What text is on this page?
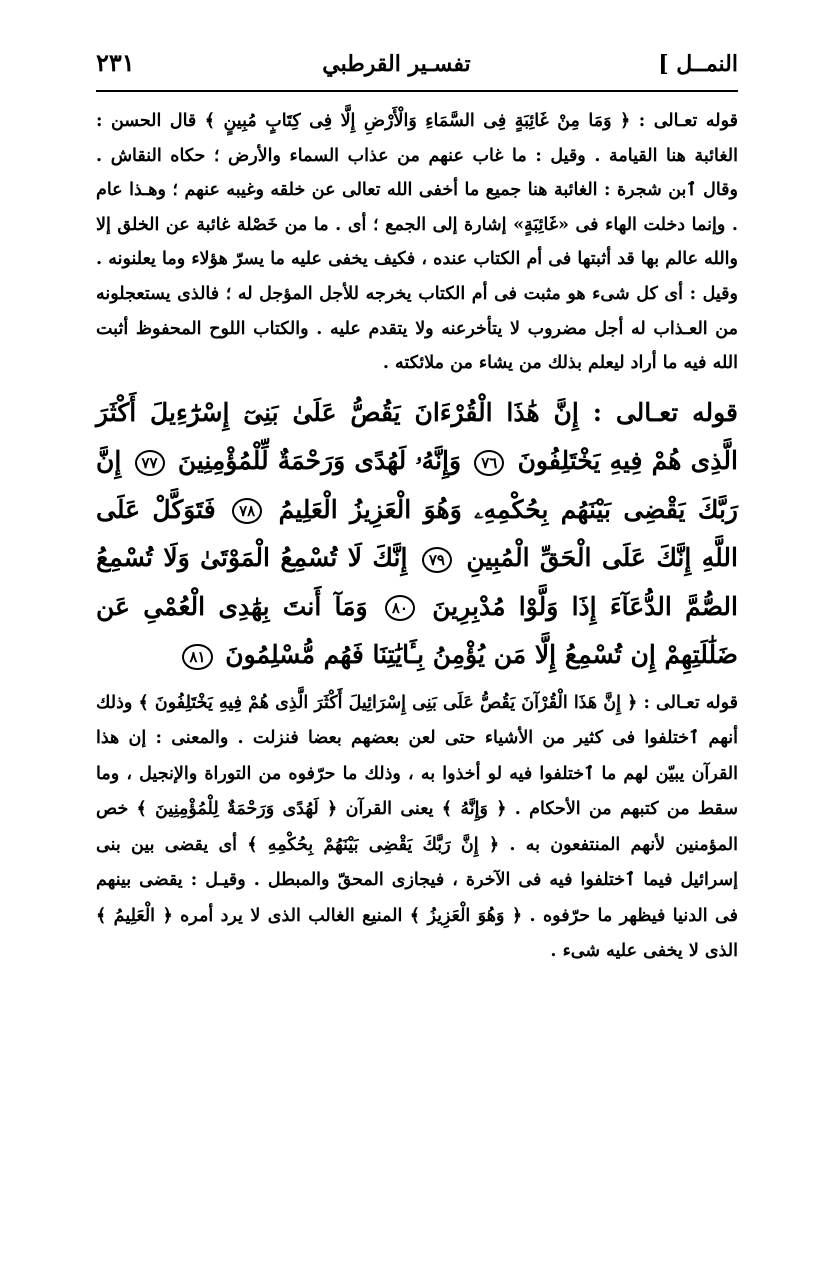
النمــل ]
تفسـير القرطبي
٢٣١
قوله تعـالى : ﴿ وَمَا مِنْ غَائِبَةٍ فِى السَّمَاءِ وَالْأَرْضِ إِلَّا فِى كِتَابٍ مُبِينٍ ﴾ قال الحسن : الغائبة هنا القيامة . وقيل : ما غاب عنهم من عذاب السماء والأرض ؛ حكاه النقاش . وقال ٱبن شجرة : الغائبة هنا جميع ما أخفى الله تعالى عن خلقه وغيبه عنهم ؛ وهـذا عام . وإنما دخلت الهاء فى «غَائِبَةٍ» إشارة إلى الجمع ؛ أى . ما من خَصْلة غائبة عن الخلق إلا والله عالم بها قد أثبتها فى أم الكتاب عنده ، فكيف يخفى عليه ما يسرّ هؤلاء وما يعلنونه . وقيل : أى كل شىء هو مثبت فى أم الكتاب يخرجه للأجل المؤجل له ؛ فالذى يستعجلونه من العـذاب له أجل مضروب لا يتأخرعنه ولا يتقدم عليه . والكتاب اللوح المحفوظ أثبت الله فيه ما أراد ليعلم بذلك من يشاء من ملائكته .
قوله تعـالى : إِنَّ هَٰذَا الْقُرْءَانَ يَقُصُّ عَلَىٰ بَنِىٓ إِسْرَٰٓءِيلَ أَكْثَرَ الَّذِى هُمْ فِيهِ يَخْتَلِفُونَ ٧٦ وَإِنَّهُۥ لَهُدًى وَرَحْمَةٌ لِّلْمُؤْمِنِينَ ٧٧ إِنَّ رَبَّكَ يَقْضِى بَيْنَهُم بِحُكْمِهِۦ وَهُوَ الْعَزِيزُ الْعَلِيمُ ٧٨ فَتَوَكَّلْ عَلَى اللَّهِ إِنَّكَ عَلَى الْحَقِّ الْمُبِينِ ٧٩ إِنَّكَ لَا تُسْمِعُ الْمَوْتَىٰ وَلَا تُسْمِعُ الصُّمَّ الدُّعَآءَ إِذَا وَلَّوْا مُدْبِرِينَ ٨٠ وَمَآ أَنتَ بِهَٰدِى الْعُمْىِ عَن ضَلَٰلَتِهِمْ إِن تُسْمِعُ إِلَّا مَن يُؤْمِنُ بِـَٔايَٰتِنَا فَهُم مُّسْلِمُونَ ٨١
قوله تعـالى : ﴿ إِنَّ هَذَا الْقُرْآنَ يَقُصُّ عَلَى بَنِى إِسْرَائِيلَ أَكْثَرَ الَّذِى هُمْ فِيهِ يَخْتَلِفُونَ ﴾ وذلك أنهم ٱختلفوا فى كثير من الأشياء حتى لعن بعضهم بعضا فنزلت . والمعنى : إن هذا القرآن يبيّن لهم ما ٱختلفوا فيه لو أخذوا به ، وذلك ما حرّفوه من التوراة والإنجيل ، وما سقط من كتبهم من الأحكام . ﴿ وَإِنَّهُ ﴾ يعنى القرآن ﴿ لَهُدًى وَرَحْمَةٌ لِلْمُؤْمِنِينَ ﴾ خص المؤمنين لأنهم المنتفعون به . ﴿ إِنَّ رَبَّكَ يَقْضِى بَيْنَهُمْ بِحُكْمِهِ ﴾ أى يقضى بين بنى إسرائيل فيما ٱختلفوا فيه فى الآخرة ، فيجازى المحقّ والمبطل . وقيـل : يقضى بينهم فى الدنيا فيظهر ما حرّفوه . ﴿ وَهُوَ الْعَزِيزُ ﴾ المنيع الغالب الذى لا يرد أمره ﴿ الْعَلِيمُ ﴾ الذى لا يخفى عليه شىء .
